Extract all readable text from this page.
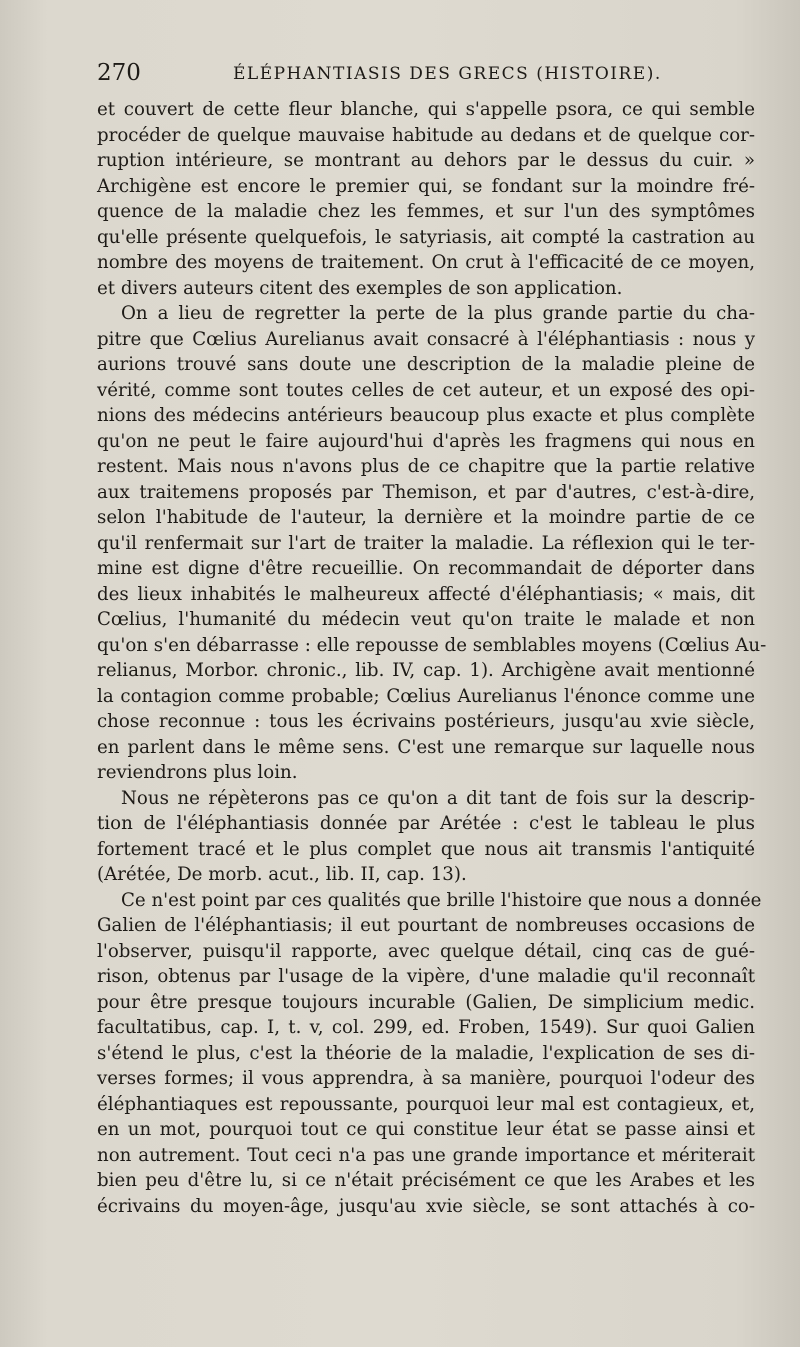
270	ÉLÉPHANTIASIS DES GRECS (HISTOIRE).
et couvert de cette fleur blanche, qui s'appelle psora, ce qui semble
procéder de quelque mauvaise habitude au dedans et de quelque cor-
ruption intérieure, se montrant au dehors par le dessus du cuir. »
Archigène est encore le premier qui, se fondant sur la moindre fré-
quence de la maladie chez les femmes, et sur l'un des symptômes
qu'elle présente quelquefois, le satyriasis, ait compté la castration au
nombre des moyens de traitement. On crut à l'efficacité de ce moyen,
et divers auteurs citent des exemples de son application.
On a lieu de regretter la perte de la plus grande partie du cha-
pitre que Cœlius Aurelianus avait consacré à l'éléphantiasis : nous y
aurions trouvé sans doute une description de la maladie pleine de
vérité, comme sont toutes celles de cet auteur, et un exposé des opi-
nions des médecins antérieurs beaucoup plus exacte et plus complète
qu'on ne peut le faire aujourd'hui d'après les fragmens qui nous en
restent. Mais nous n'avons plus de ce chapitre que la partie relative
aux traitemens proposés par Themison, et par d'autres, c'est-à-dire,
selon l'habitude de l'auteur, la dernière et la moindre partie de ce
qu'il renfermait sur l'art de traiter la maladie. La réflexion qui le ter-
mine est digne d'être recueillie. On recommandait de déporter dans
des lieux inhabités le malheureux affecté d'éléphantiasis; « mais, dit
Cœlius, l'humanité du médecin veut qu'on traite le malade et non
qu'on s'en débarrasse : elle repousse de semblables moyens (Cœlius Au-
relianus, Morbor. chronic., lib. IV, cap. 1). Archigène avait mentionné
la contagion comme probable; Cœlius Aurelianus l'énonce comme une
chose reconnue : tous les écrivains postérieurs, jusqu'au xvie siècle,
en parlent dans le même sens. C'est une remarque sur laquelle nous
reviendrons plus loin.
Nous ne répèterons pas ce qu'on a dit tant de fois sur la descrip-
tion de l'éléphantiasis donnée par Arétée : c'est le tableau le plus
fortement tracé et le plus complet que nous ait transmis l'antiquité
(Arétée, De morb. acut., lib. II, cap. 13).
Ce n'est point par ces qualités que brille l'histoire que nous a donnée
Galien de l'éléphantiasis; il eut pourtant de nombreuses occasions de
l'observer, puisqu'il rapporte, avec quelque détail, cinq cas de gué-
rison, obtenus par l'usage de la vipère, d'une maladie qu'il reconnaît
pour être presque toujours incurable (Galien, De simplicium medic.
facultatibus, cap. I, t. v, col. 299, ed. Froben, 1549). Sur quoi Galien
s'étend le plus, c'est la théorie de la maladie, l'explication de ses di-
verses formes; il vous apprendra, à sa manière, pourquoi l'odeur des
éléphantiaques est repoussante, pourquoi leur mal est contagieux, et,
en un mot, pourquoi tout ce qui constitue leur état se passe ainsi et
non autrement. Tout ceci n'a pas une grande importance et mériterait
bien peu d'être lu, si ce n'était précisément ce que les Arabes et les
écrivains du moyen-âge, jusqu'au xvie siècle, se sont attachés à co-
